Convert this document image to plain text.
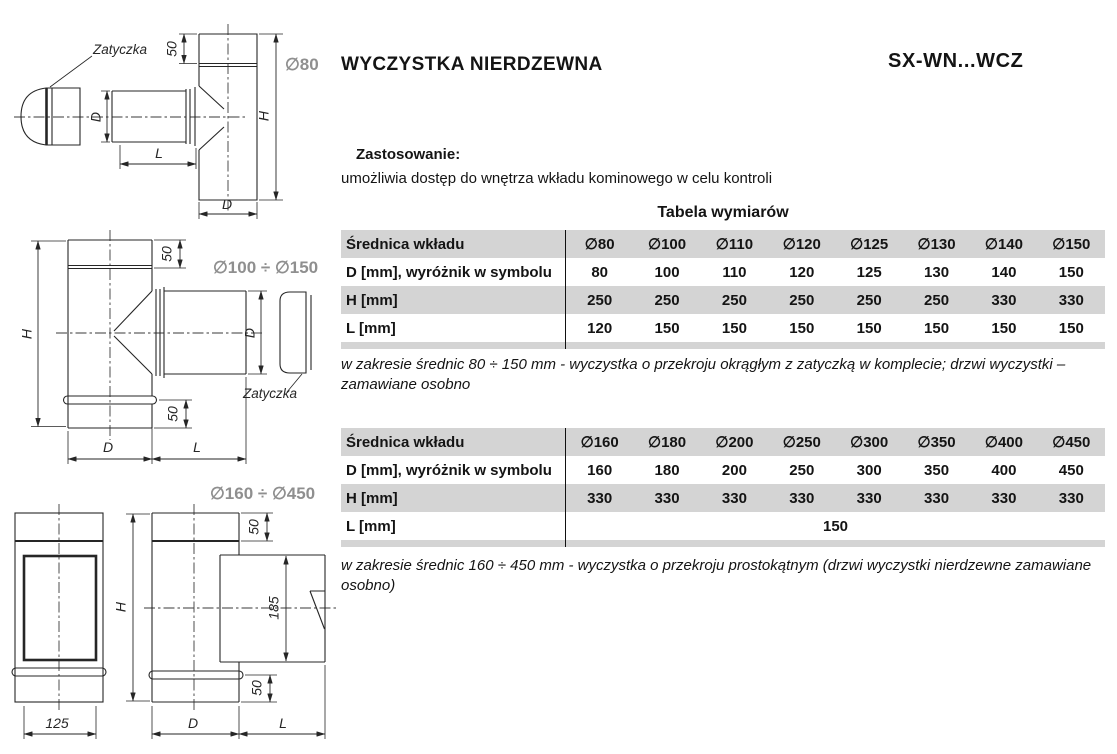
Zatyczka 50
H
D
L
D
∅80
Zatyczka
H
50
50
D
D	L
∅100 ÷ ∅150
125
H
50
185
50
D	L
∅160 ÷ ∅450
WYCZYSTKA NIERDZEWNA	SX-WN...WCZ
Zastosowanie:
umożliwia dostęp do wnętrza wkładu kominowego w celu kontroli
Tabela wymiarów
Średnica wkładu	∅80	∅100	∅110	∅120	∅125	∅130	∅140	∅150
D [mm], wyróżnik w symbolu	80	100	110	120	125	130	140	150
H [mm]	250	250	250	250	250	250	330	330
L [mm]	120	150	150	150	150	150	150	150
w zakresie średnic 80 ÷ 150 mm - wyczystka o przekroju okrągłym z zatyczką w komplecie; drzwi wyczystki – zamawiane osobno
Średnica wkładu	∅160	∅180	∅200	∅250	∅300	∅350	∅400	∅450
D [mm], wyróżnik w symbolu	160	180	200	250	300	350	400	450
H [mm]	330	330	330	330	330	330	330	330
L [mm]	150
w zakresie średnic 160 ÷ 450 mm - wyczystka o przekroju prostokątnym (drzwi wyczystki nierdzewne zamawiane osobno)
